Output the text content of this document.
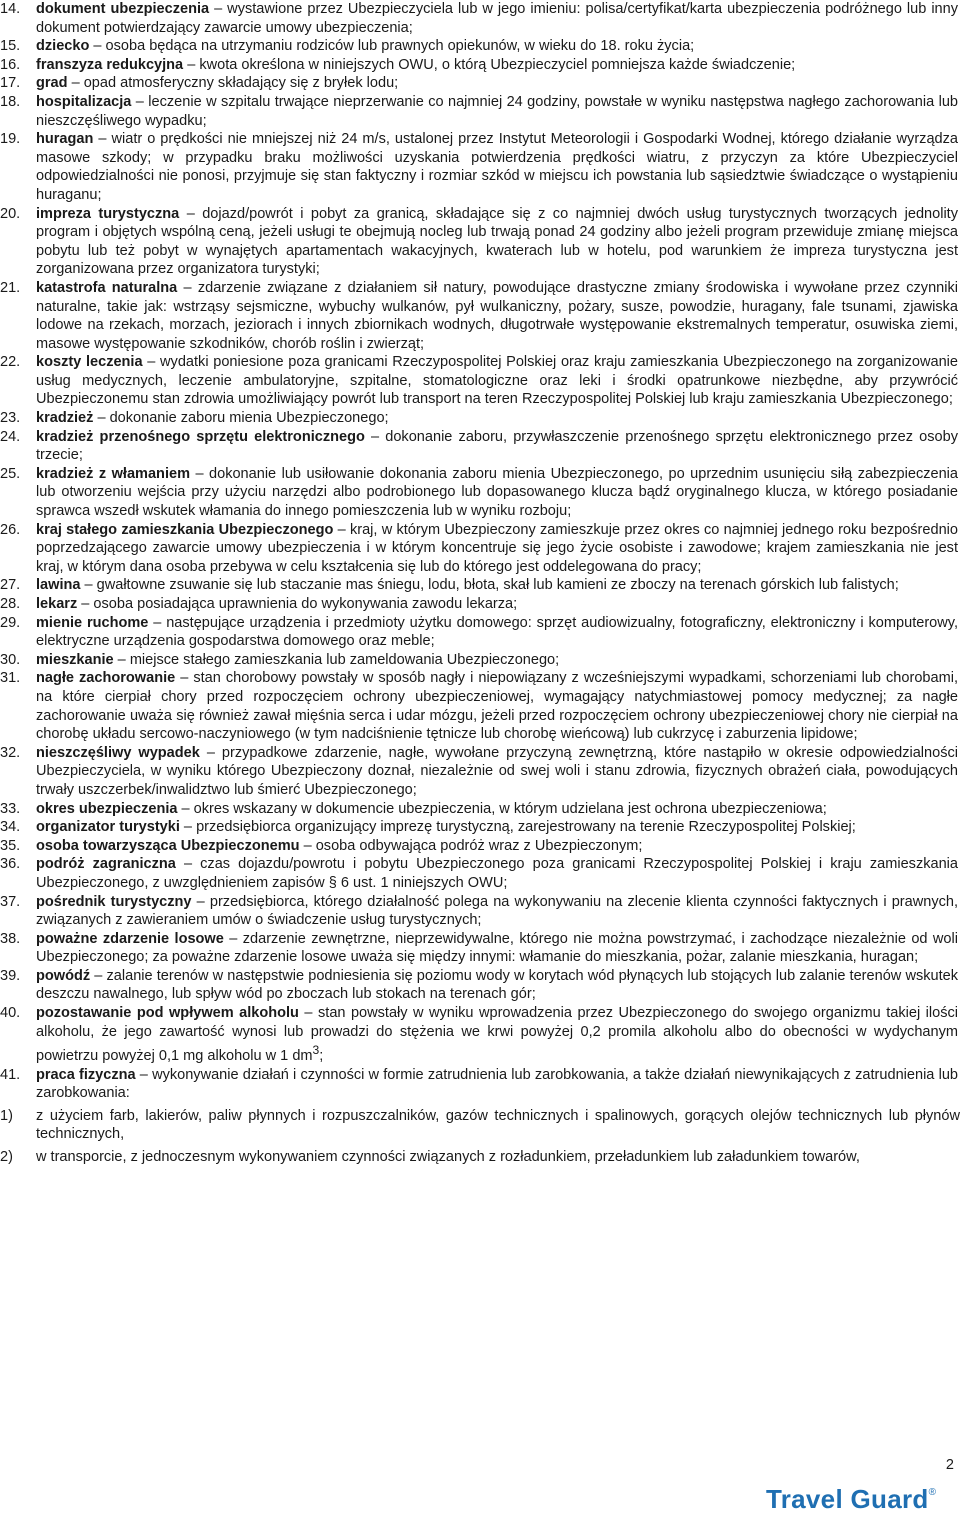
14.	dokument ubezpieczenia – wystawione przez Ubezpieczyciela lub w jego imieniu: polisa/certyfikat/karta ubezpieczenia podróżnego lub inny dokument potwierdzający zawarcie umowy ubezpieczenia;

15.	dziecko – osoba będąca na utrzymaniu rodziców lub prawnych opiekunów, w wieku do 18. roku życia;

16.	franszyza redukcyjna – kwota określona w niniejszych OWU, o którą Ubezpieczyciel pomniejsza każde świadczenie;

17.	grad – opad atmosferyczny składający się z bryłek lodu;

18.	hospitalizacja – leczenie w szpitalu trwające nieprzerwanie co najmniej 24 godziny, powstałe w wyniku następstwa nagłego zachorowania lub nieszczęśliwego wypadku;

19.	huragan – wiatr o prędkości nie mniejszej niż 24 m/s, ustalonej przez Instytut Meteorologii i Gospodarki Wodnej, którego działanie wyrządza masowe szkody; w przypadku braku możliwości uzyskania potwierdzenia prędkości wiatru, z przyczyn za które Ubezpieczyciel odpowiedzialności nie ponosi, przyjmuje się stan faktyczny i rozmiar szkód w miejscu ich powstania lub sąsiedztwie świadczące o wystąpieniu huraganu;

20.	impreza turystyczna – dojazd/powrót i pobyt za granicą, składające się z co najmniej dwóch usług turystycznych tworzących jednolity program i objętych wspólną ceną, jeżeli usługi te obejmują nocleg lub trwają ponad 24 godziny albo jeżeli program przewiduje zmianę miejsca pobytu lub też pobyt w wynajętych apartamentach wakacyjnych, kwaterach lub w hotelu, pod warunkiem że impreza turystyczna jest zorganizowana przez organizatora turystyki;

21.	katastrofa naturalna – zdarzenie związane z działaniem sił natury, powodujące drastyczne zmiany środowiska i wywołane przez czynniki naturalne, takie jak: wstrząsy sejsmiczne, wybuchy wulkanów, pył wulkaniczny, pożary, susze, powodzie, huragany, fale tsunami, zjawiska lodowe na rzekach, morzach, jeziorach i innych zbiornikach wodnych, długotrwałe występowanie ekstremalnych temperatur, osuwiska ziemi, masowe występowanie szkodników, chorób roślin i zwierząt;

22.	koszty leczenia – wydatki poniesione poza granicami Rzeczypospolitej Polskiej oraz kraju zamieszkania Ubezpieczonego na zorganizowanie usług medycznych, leczenie ambulatoryjne, szpitalne, stomatologiczne oraz leki i środki opatrunkowe niezbędne, aby przywrócić Ubezpieczonemu stan zdrowia umożliwiający powrót lub transport na teren Rzeczypospolitej Polskiej lub kraju zamieszkania Ubezpieczonego;

23.	kradzież – dokonanie zaboru mienia Ubezpieczonego;

24.	kradzież przenośnego sprzętu elektronicznego – dokonanie zaboru, przywłaszczenie przenośnego sprzętu elektronicznego przez osoby trzecie;

25.	kradzież z włamaniem – dokonanie lub usiłowanie dokonania zaboru mienia Ubezpieczonego, po uprzednim usunięciu siłą zabezpieczenia lub otworzeniu wejścia przy użyciu narzędzi albo podrobionego lub dopasowanego klucza bądź oryginalnego klucza, w którego posiadanie sprawca wszedł wskutek włamania do innego pomieszczenia lub w wyniku rozboju;

26.	kraj stałego zamieszkania Ubezpieczonego – kraj, w którym Ubezpieczony zamieszkuje przez okres co najmniej jednego roku bezpośrednio poprzedzającego zawarcie umowy ubezpieczenia i w którym koncentruje się jego życie osobiste i zawodowe; krajem zamieszkania nie jest kraj, w którym dana osoba przebywa w celu kształcenia się lub do którego jest oddelegowana do pracy;

27.	lawina – gwałtowne zsuwanie się lub staczanie mas śniegu, lodu, błota, skał lub kamieni ze zboczy na terenach górskich lub falistych;

28.	lekarz – osoba posiadająca uprawnienia do wykonywania zawodu lekarza;

29.	mienie ruchome – następujące urządzenia i przedmioty użytku domowego: sprzęt audiowizualny, fotograficzny, elektroniczny i komputerowy, elektryczne urządzenia gospodarstwa domowego oraz meble;

30.	mieszkanie – miejsce stałego zamieszkania lub zameldowania Ubezpieczonego;

31.	nagłe zachorowanie – stan chorobowy powstały w sposób nagły i niepowiązany z wcześniejszymi wypadkami, schorzeniami lub chorobami, na które cierpiał chory przed rozpoczęciem ochrony ubezpieczeniowej, wymagający natychmiastowej pomocy medycznej; za nagłe zachorowanie uważa się również zawał mięśnia serca i udar mózgu, jeżeli przed rozpoczęciem ochrony ubezpieczeniowej chory nie cierpiał na chorobę układu sercowo-naczyniowego (w tym nadciśnienie tętnicze lub chorobę wieńcową) lub cukrzycę i zaburzenia lipidowe;

32.	nieszczęśliwy wypadek – przypadkowe zdarzenie, nagłe, wywołane przyczyną zewnętrzną, które nastąpiło w okresie odpowiedzialności Ubezpieczyciela, w wyniku którego Ubezpieczony doznał, niezależnie od swej woli i stanu zdrowia, fizycznych obrażeń ciała, powodujących trwały uszczerbek/inwalidztwo lub śmierć Ubezpieczonego;

33.	okres ubezpieczenia – okres wskazany w dokumencie ubezpieczenia, w którym udzielana jest ochrona ubezpieczeniowa;

34.	organizator turystyki – przedsiębiorca organizujący imprezę turystyczną, zarejestrowany na terenie Rzeczypospolitej Polskiej;

35.	osoba towarzysząca Ubezpieczonemu – osoba odbywająca podróż wraz z Ubezpieczonym;

36.	podróż zagraniczna – czas dojazdu/powrotu i pobytu Ubezpieczonego poza granicami Rzeczypospolitej Polskiej i kraju zamieszkania Ubezpieczonego, z uwzględnieniem zapisów § 6 ust. 1 niniejszych OWU;

37.	pośrednik turystyczny – przedsiębiorca, którego działalność polega na wykonywaniu na zlecenie klienta czynności faktycznych i prawnych, związanych z zawieraniem umów o świadczenie usług turystycznych;

38.	poważne zdarzenie losowe – zdarzenie zewnętrzne, nieprzewidywalne, którego nie można powstrzymać, i zachodzące niezależnie od woli Ubezpieczonego; za poważne zdarzenie losowe uważa się między innymi: włamanie do mieszkania, pożar, zalanie mieszkania, huragan;

39.	powódź – zalanie terenów w następstwie podniesienia się poziomu wody w korytach wód płynących lub stojących lub zalanie terenów wskutek deszczu nawalnego, lub spływ wód po zboczach lub stokach na terenach gór;

40.	pozostawanie pod wpływem alkoholu – stan powstały w wyniku wprowadzenia przez Ubezpieczonego do swojego organizmu takiej ilości alkoholu, że jego zawartość wynosi lub prowadzi do stężenia we krwi powyżej 0,2 promila alkoholu albo do obecności w wydychanym powietrzu powyżej 0,1 mg alkoholu w 1 $dm^3$;

41.	praca fizyczna – wykonywanie działań i czynności w formie zatrudnienia lub zarobkowania, a także działań niewynikających z zatrudnienia lub zarobkowania:

1) z użyciem farb, lakierów, paliw płynnych i rozpuszczalników, gazów technicznych i spalinowych, gorących olejów technicznych lub płynów technicznych,
2) w transporcie, z jednoczesnym wykonywaniem czynności związanych z rozładunkiem, przeładunkiem lub załadunkiem towarów,
2
Travel Guard®
